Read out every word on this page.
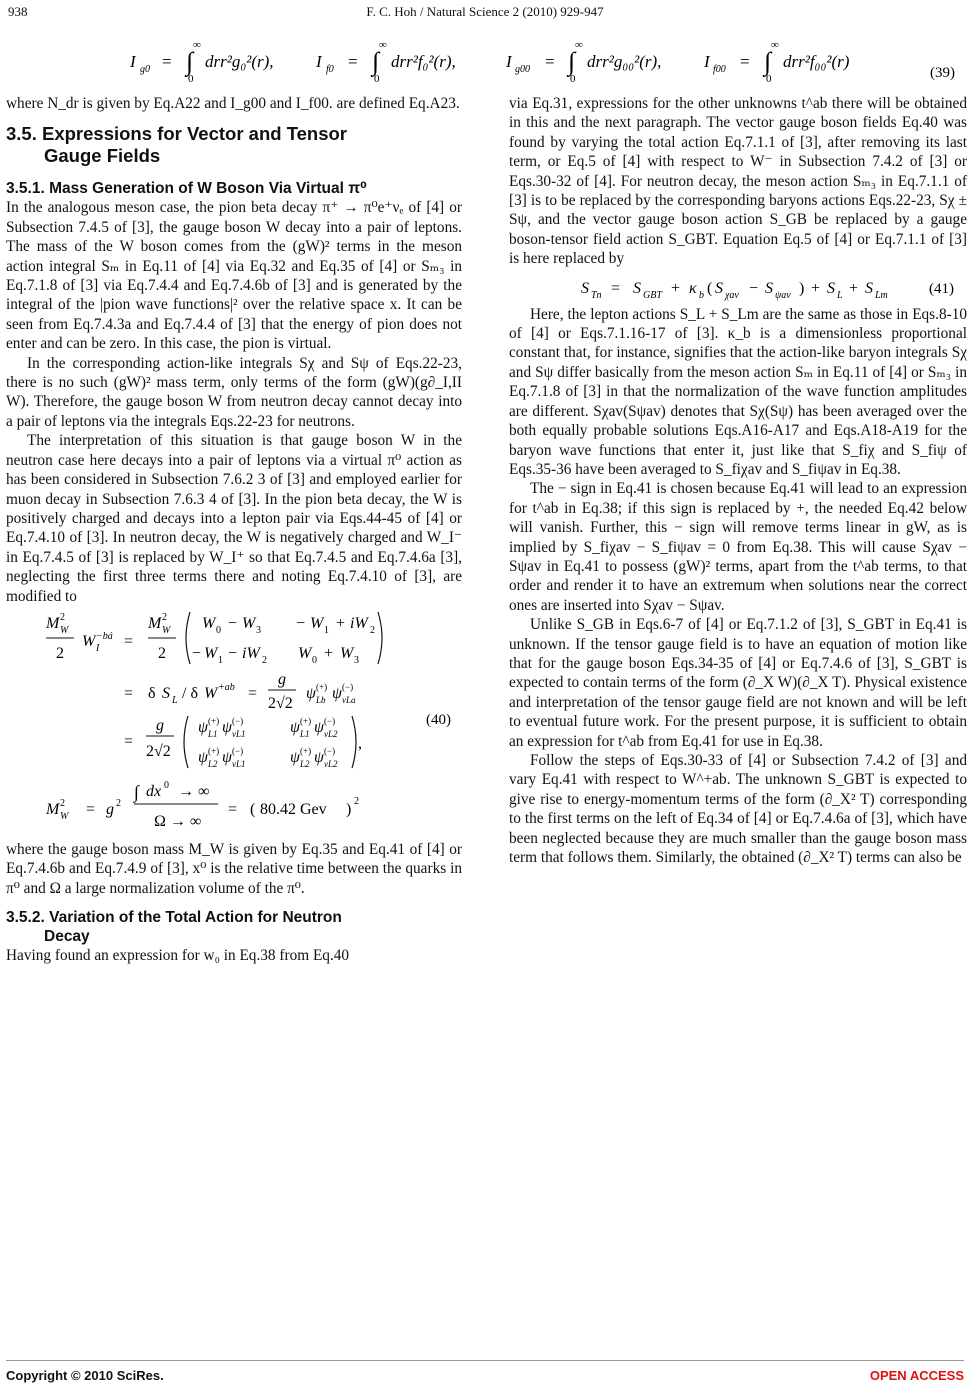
938	F. C. Hoh / Natural Science 2 (2010) 929-947
I g0 = ∫
∞
0
drr²g₀²(r), I f0 = ∫
∞
0
drr²f₀²(r),	I g00 = ∫
∞
0
drr²g₀₀²(r),	I f00 = ∫
∞
0
drr²f₀₀²(r)
(39)

where N_dr is given by Eq.A22 and I_g00 and I_f00. are defined Eq.A23.

3.5. Expressions for Vector and Tensor
Gauge Fields
3.5.1. Mass Generation of W Boson Via Virtual π⁰

In the analogous meson case, the pion beta decay π⁺ → π⁰e⁺νₑ of [4] or Subsection 7.4.5 of [3], the gauge boson W decay into a pair of leptons. The mass of the W boson comes from the (gW)² terms in the meson action integral Sₘ in Eq.11 of [4] via Eq.32 and Eq.35 of [4] or Sₘ₃ in Eq.7.1.8 of [3] via Eq.7.4.4 and Eq.7.4.6b of [3] and is generated by the integral of the |pion wave functions|² over the relative space x. It can be seen from Eq.7.4.3a and Eq.7.4.4 of [3] that the energy of pion does not enter and can be zero. In this case, the pion is virtual.

In the corresponding action-like integrals Sχ and Sψ of Eqs.22-23, there is no such (gW)² mass term, only terms of the form (gW)(g∂_I,II W). Therefore, the gauge boson W from neutron decay cannot decay into a pair of leptons via the integrals Eqs.22-23 for neutrons.

The interpretation of this situation is that gauge boson W in the neutron case here decays into a pair of leptons via a virtual π⁰ action as has been considered in Subsection 7.6.2 3 of [3] and employed earlier for muon decay in Subsection 7.6.3 4 of [3]. In the pion beta decay, the W is positively charged and decays into a lepton pair via Eqs.44-45 of [4] or Eq.7.4.10 of [3]. In neutron decay, the W is negatively charged and W_I⁻ in Eq.7.4.5 of [3] is replaced by W_I⁺ so that Eq.7.4.5 and Eq.7.4.6a [3], neglecting the first three terms there and noting Eq.7.4.10 of [3], are modified to

M 2
W
2
W −bá
I =
M 2
W
2
W 0 − W 3 − W 1 + iW 2
− W 1 − iW 2 W 0 + W 3
= δ S L / δ W +ab =
g
2√2
ψ (+)
Lb ψ (−)
νLa
=
g
2√2
ψ (+)
L1 ψ (−)
νL1	ψ (+)
L1 ψ (−)
νL2
ψ (+)
L2 ψ (−)
νL1	ψ (+)
L2 ψ (−)
νL2
,
(40)
M 2
W = g 2
∫ dx 0 → ∞
Ω → ∞
= ( 80.42 Gev ) 2

where the gauge boson mass M_W is given by Eq.35 and Eq.41 of [4] or Eq.7.4.6b and Eq.7.4.9 of [3], x⁰ is the relative time between the quarks in π⁰ and Ω a large normalization volume of the π⁰.

3.5.2. Variation of the Total Action for Neutron
Decay

Having found an expression for w₀ in Eq.38 from Eq.40

via Eq.31, expressions for the other unknowns t^ab there will be obtained in this and the next paragraph. The vector gauge boson fields Eq.40 was found by varying the total action Eq.7.1.1 of [3], after removing its last term, or Eq.5 of [4] with respect to W⁻ in Subsection 7.4.2 of [3] or Eqs.30-32 of [4]. For neutron decay, the meson action Sₘ₃ in Eq.7.1.1 of [3] is to be replaced by the corresponding baryons actions Eqs.22-23, Sχ ± Sψ, and the vector gauge boson action S_GB be replaced by a gauge boson-tensor field action S_GBT. Equation Eq.5 of [4] or Eq.7.1.1 of [3] is here replaced by

S Tn = S GBT + κ b ( S χav − S ψav ) + S L + S Lm	(41)

Here, the lepton actions S_L + S_Lm are the same as those in Eqs.8-10 of [4] or Eqs.7.1.16-17 of [3]. κ_b is a dimensionless proportional constant that, for instance, signifies that the action-like baryon integrals Sχ and Sψ differ basically from the meson action Sₘ in Eq.11 of [4] or Sₘ₃ in Eq.7.1.8 of [3] in that the normalization of the wave function amplitudes are different. Sχav(Sψav) denotes that Sχ(Sψ) has been averaged over the both equally probable solutions Eqs.A16-A17 and Eqs.A18-A19 for the baryon wave functions that enter it, just like that S_fiχ and S_fiψ of Eqs.35-36 have been averaged to S_fiχav and S_fiψav in Eq.38.

The − sign in Eq.41 is chosen because Eq.41 will lead to an expression for t^ab in Eq.38; if this sign is replaced by +, the needed Eq.42 below will vanish. Further, this − sign will remove terms linear in gW, as is implied by S_fiχav − S_fiψav = 0 from Eq.38. This will cause Sχav − Sψav in Eq.41 to possess (gW)² terms, apart from the t^ab terms, to that order and render it to have an extremum when solutions near the correct ones are inserted into Sχav − Sψav.

Unlike S_GB in Eqs.6-7 of [4] or Eq.7.1.2 of [3], S_GBT in Eq.41 is unknown. If the tensor gauge field is to have an equation of motion like that for the gauge boson Eqs.34-35 of [4] or Eq.7.4.6 of [3], S_GBT is expected to contain terms of the form (∂_X W)(∂_X T). Physical existence and interpretation of the tensor gauge field are not known and will be left to eventual future work. For the present purpose, it is sufficient to obtain an expression for t^ab from Eq.41 for use in Eq.38.

Follow the steps of Eqs.30-33 of [4] or Subsection 7.4.2 of [3] and vary Eq.41 with respect to W^+ab. The unknown S_GBT is expected to give rise to energy-momentum terms of the form (∂_X² T) corresponding to the first terms on the left of Eq.34 of [4] or Eq.7.4.6a of [3], which have been neglected because they are much smaller than the gauge boson mass term that follows them. Similarly, the obtained (∂_X² T) terms can also be

Copyright © 2010 SciRes.	OPEN ACCESS
